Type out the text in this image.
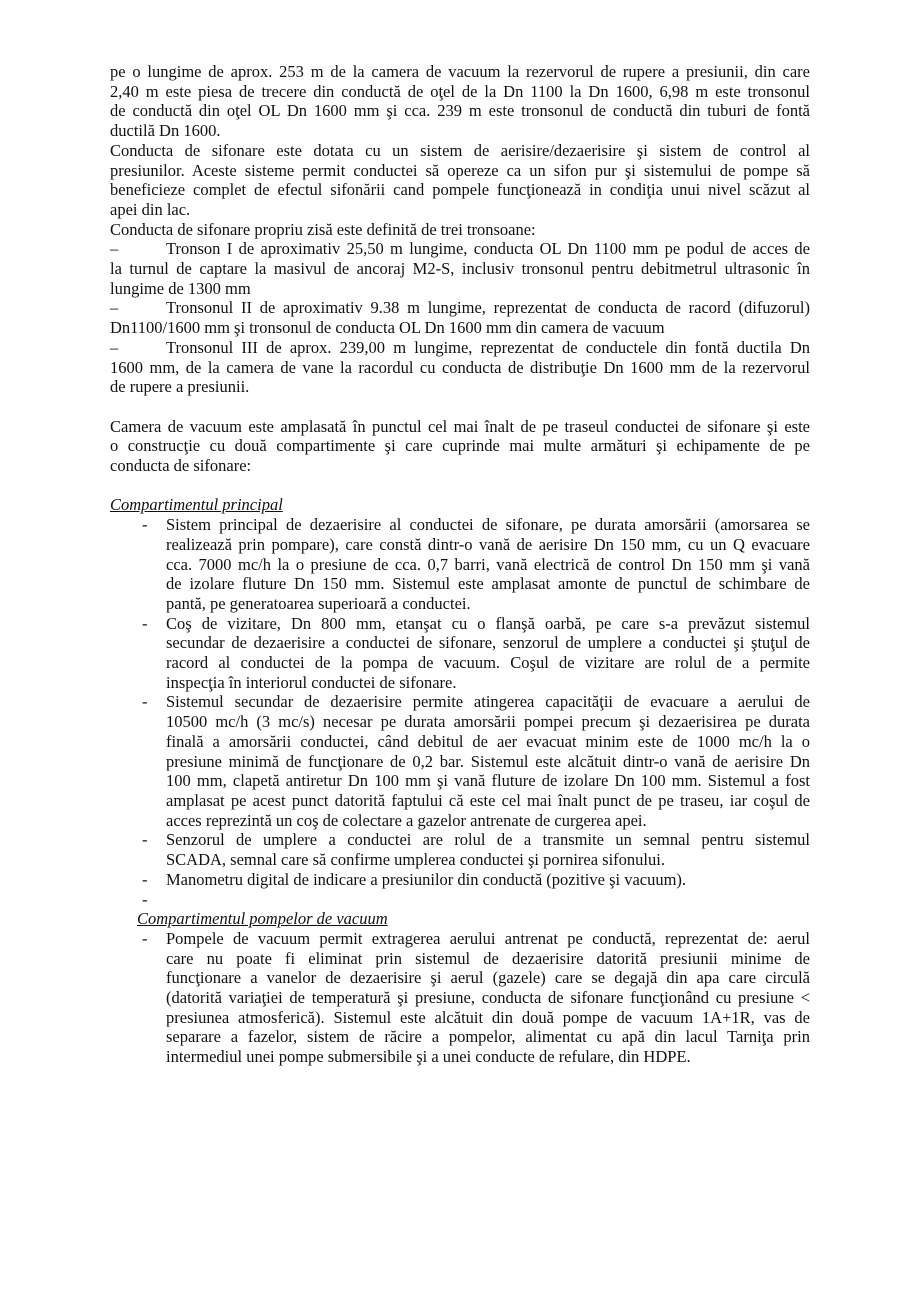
pe o lungime de aprox. 253 m de la camera de vacuum la rezervorul de rupere a presiunii, din care
2,40 m este piesa de trecere din conductă de oţel de la Dn 1100 la Dn 1600, 6,98 m este tronsonul
de conductă din oţel OL Dn 1600 mm şi cca. 239 m este tronsonul de conductă din tuburi de fontă
ductilă Dn 1600.
Conducta de sifonare este dotata cu un sistem de aerisire/dezaerisire şi sistem de control al
presiunilor. Aceste sisteme permit conductei să opereze ca un sifon pur şi sistemului de pompe să
beneficieze complet de efectul sifonării cand pompele funcţionează in condiţia unui nivel scăzut al
apei din lac.
Conducta de sifonare propriu zisă este definită de trei tronsoane:
–	Tronson I de aproximativ 25,50 m lungime, conducta OL Dn 1100 mm pe podul de acces de
la turnul de captare la masivul de ancoraj M2-S, inclusiv tronsonul pentru debitmetrul ultrasonic în
lungime de 1300 mm
–	Tronsonul II de aproximativ 9.38 m lungime, reprezentat de conducta de racord (difuzorul)
Dn1100/1600 mm şi tronsonul de conducta OL Dn 1600 mm din camera de vacuum
–	Tronsonul III de aprox. 239,00 m lungime, reprezentat de conductele din fontă ductila Dn
1600 mm, de la camera de vane la racordul cu conducta de distribuţie Dn 1600 mm de la rezervorul
de rupere a presiunii.
Camera de vacuum este amplasată în punctul cel mai înalt de pe traseul conductei de sifonare şi este
o construcţie cu două compartimente şi care cuprinde mai multe armături şi echipamente de pe
conducta de sifonare:
Compartimentul principal
- Sistem principal de dezaerisire al conductei de sifonare, pe durata amorsării (amorsarea se
realizează prin pompare), care constă dintr-o vană de aerisire Dn 150 mm, cu un Q evacuare
cca. 7000 mc/h la o presiune de cca. 0,7 barri, vană electrică de control Dn 150 mm şi vană
de izolare fluture Dn 150 mm. Sistemul este amplasat amonte de punctul de schimbare de
pantă, pe generatoarea superioară a conductei.
- Coş de vizitare, Dn 800 mm, etanşat cu o flanşă oarbă, pe care s-a prevăzut sistemul
secundar de dezaerisire a conductei de sifonare, senzorul de umplere a conductei şi ştuţul de
racord al conductei de la pompa de vacuum. Coşul de vizitare are rolul de a permite
inspecţia în interiorul conductei de sifonare.
- Sistemul secundar de dezaerisire permite atingerea capacităţii de evacuare a aerului de
10500 mc/h (3 mc/s) necesar pe durata amorsării pompei precum şi dezaerisirea pe durata
finală a amorsării conductei, când debitul de aer evacuat minim este de 1000 mc/h la o
presiune minimă de funcţionare de 0,2 bar. Sistemul este alcătuit dintr-o vană de aerisire Dn
100 mm, clapetă antiretur Dn 100 mm şi vană fluture de izolare Dn 100 mm. Sistemul a fost
amplasat pe acest punct datorită faptului că este cel mai înalt punct de pe traseu, iar coşul de
acces reprezintă un coş de colectare a gazelor antrenate de curgerea apei.
- Senzorul de umplere a conductei are rolul de a transmite un semnal pentru sistemul
SCADA, semnal care să confirme umplerea conductei şi pornirea sifonului.
- Manometru digital de indicare a presiunilor din conductă (pozitive şi vacuum).
-

Compartimentul pompelor de vacuum
- Pompele de vacuum permit extragerea aerului antrenat pe conductă, reprezentat de: aerul
care nu poate fi eliminat prin sistemul de dezaerisire datorită presiunii minime de
funcţionare a vanelor de dezaerisire şi aerul (gazele) care se degajă din apa care circulă
(datorită variaţiei de temperatură şi presiune, conducta de sifonare funcţionând cu presiune <
presiunea atmosferică). Sistemul este alcătuit din două pompe de vacuum 1A+1R, vas de
separare a fazelor, sistem de răcire a pompelor, alimentat cu apă din lacul Tarniţa prin
intermediul unei pompe submersibile şi a unei conducte de refulare, din HDPE.
